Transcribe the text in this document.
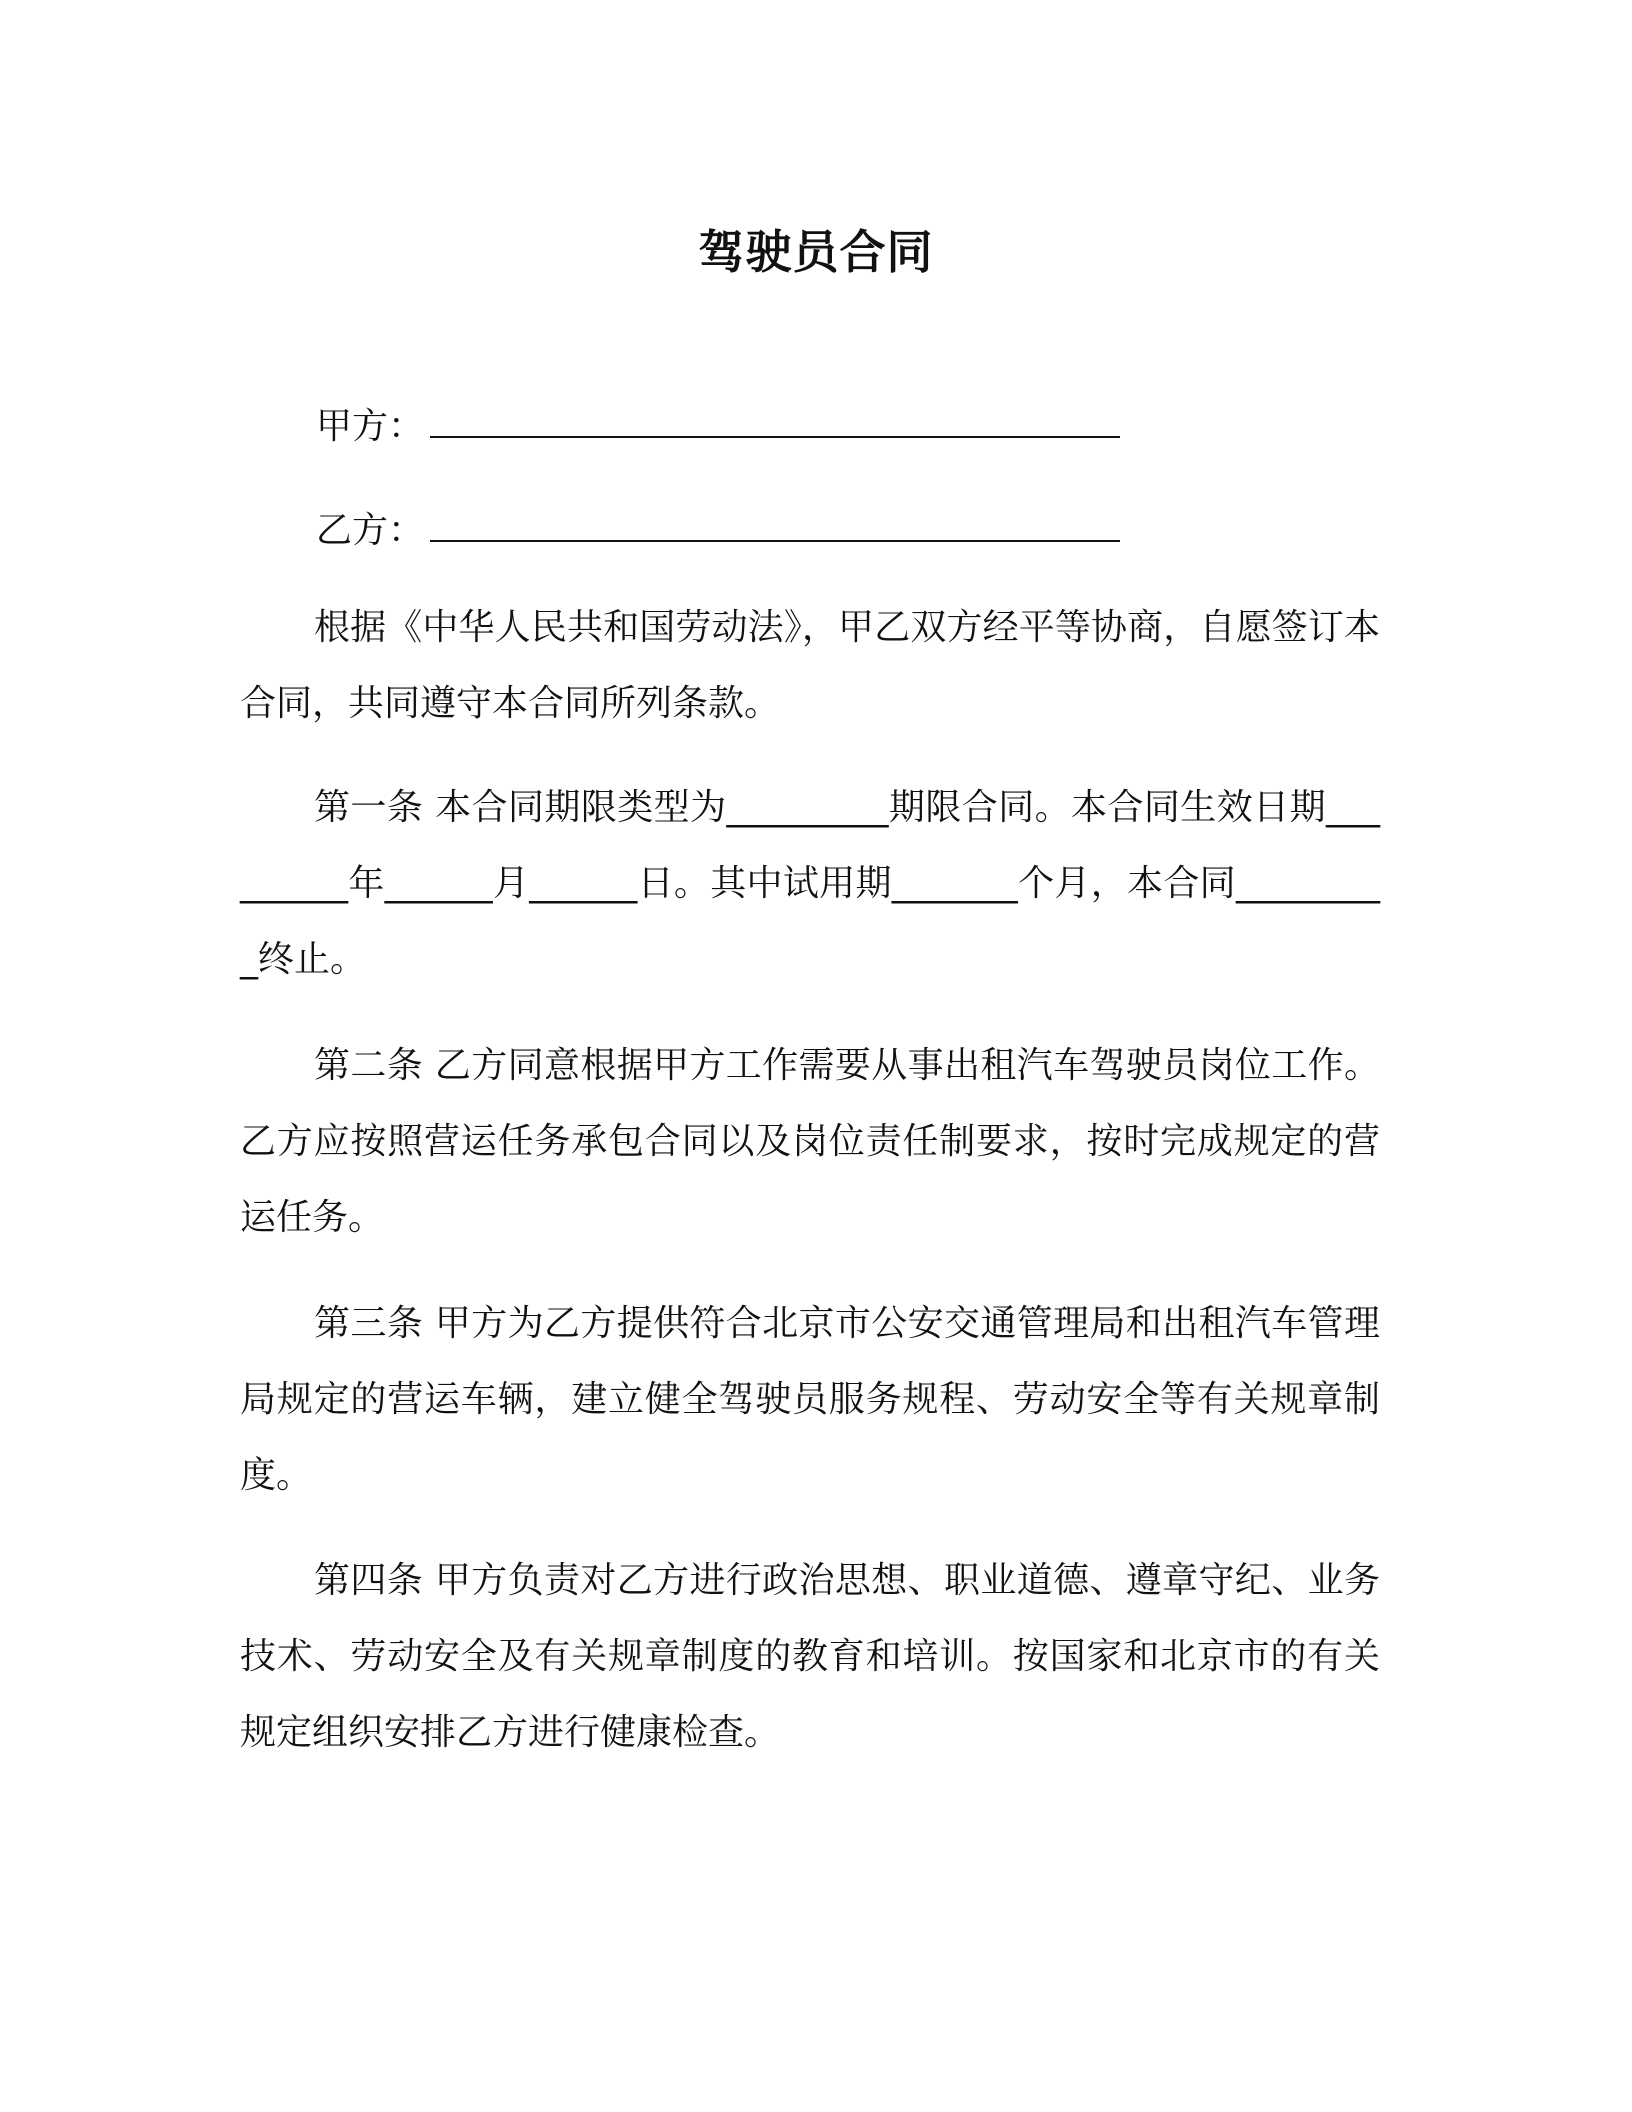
驾驶员合同
甲方：
乙方：
根据《中华人民共和国劳动法》，甲乙双方经平等协商，自愿签订本合同，共同遵守本合同所列条款。
第一条 本合同期限类型为_________期限合同。本合同生效日期_________年______月______日。其中试用期_______个月，本合同_________终止。
第二条 乙方同意根据甲方工作需要从事出租汽车驾驶员岗位工作。乙方应按照营运任务承包合同以及岗位责任制要求，按时完成规定的营运任务。
第三条 甲方为乙方提供符合北京市公安交通管理局和出租汽车管理局规定的营运车辆，建立健全驾驶员服务规程、劳动安全等有关规章制度。
第四条 甲方负责对乙方进行政治思想、职业道德、遵章守纪、业务技术、劳动安全及有关规章制度的教育和培训。按国家和北京市的有关规定组织安排乙方进行健康检查。
